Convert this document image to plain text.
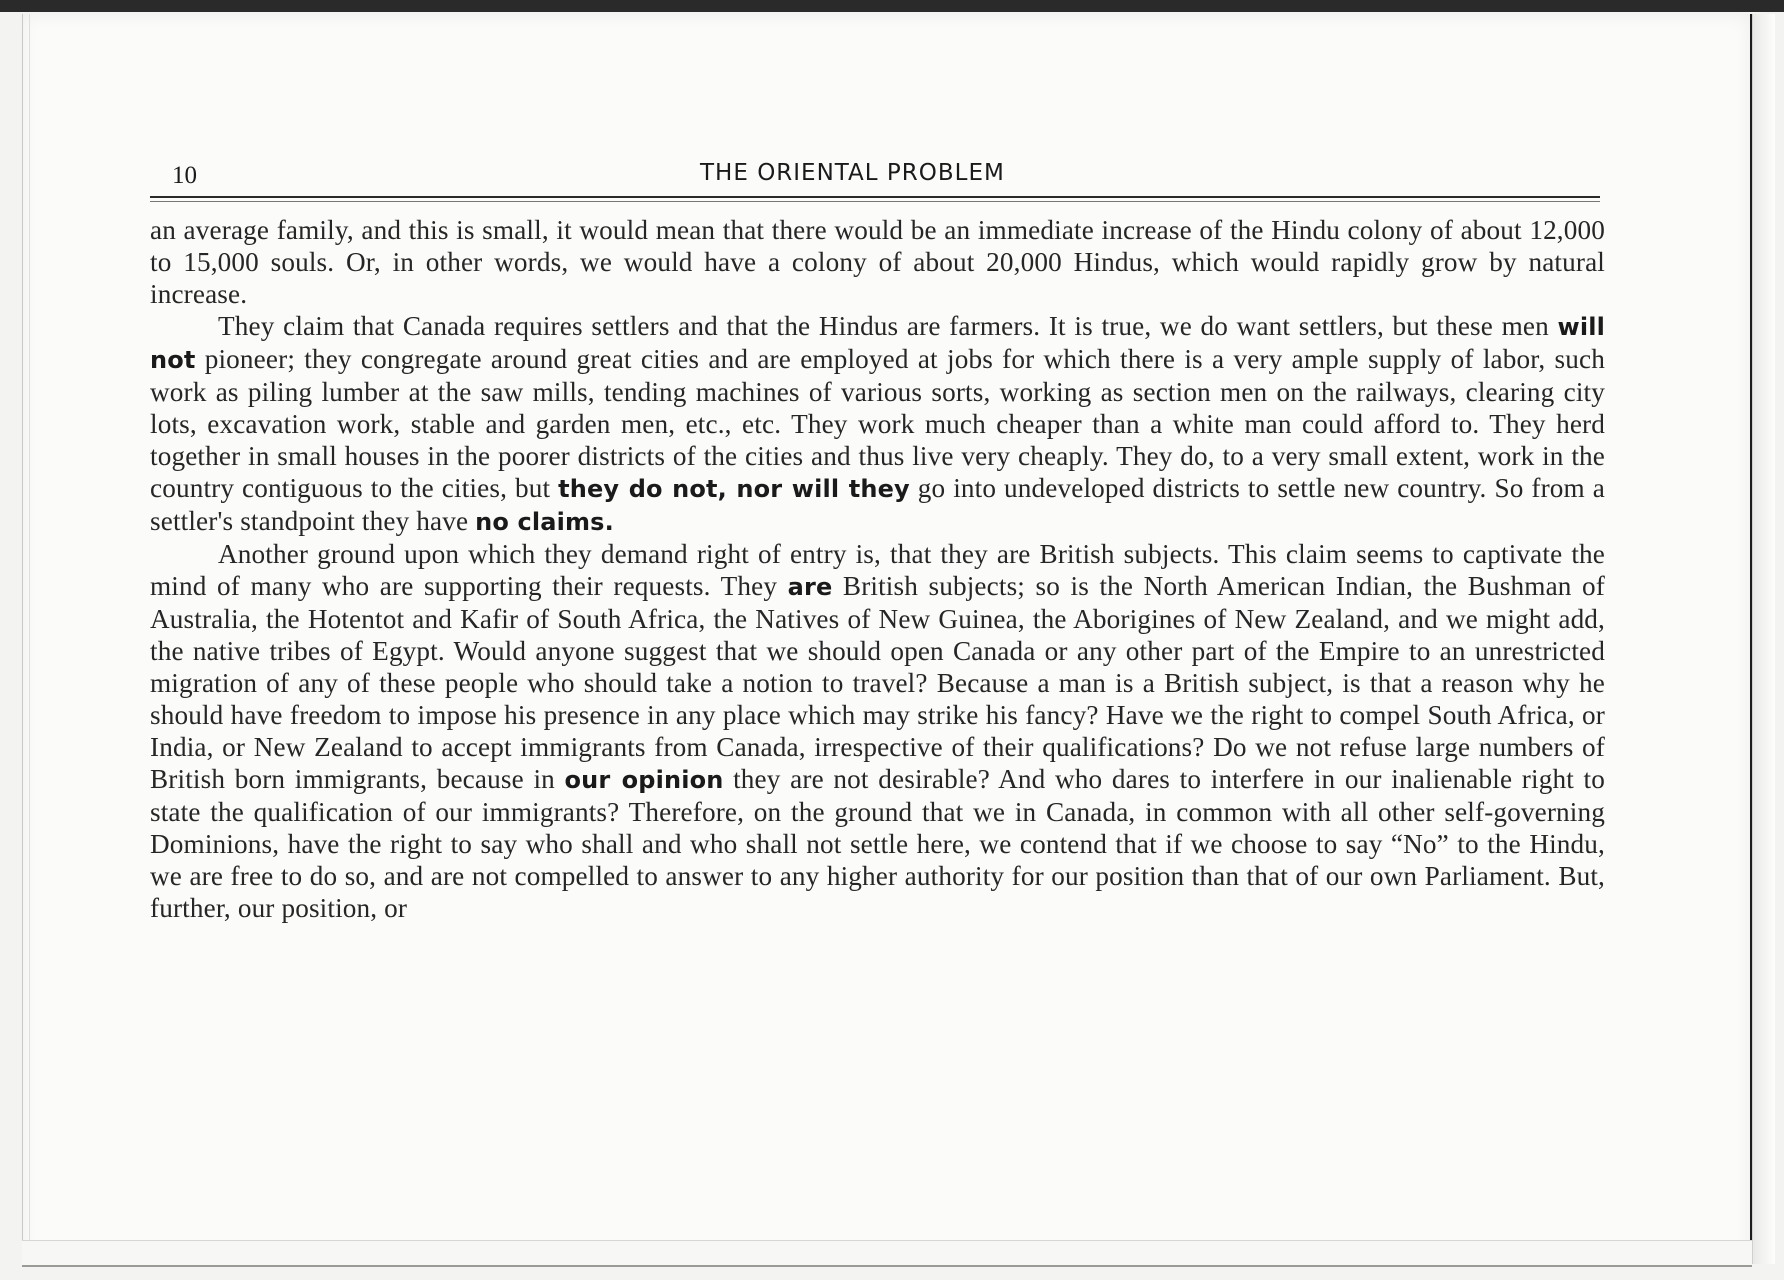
10	THE ORIENTAL PROBLEM

an average family, and this is small, it would mean that there would be an immediate increase of the Hindu colony of about 12,000 to 15,000 souls. Or, in other words, we would have a colony of about 20,000 Hindus, which would rapidly grow by natural increase.

They claim that Canada requires settlers and that the Hindus are farmers. It is true, we do want settlers, but these men will not pioneer; they congregate around great cities and are employed at jobs for which there is a very ample supply of labor, such work as piling lumber at the saw mills, tending machines of various sorts, working as section men on the railways, clearing city lots, excavation work, stable and garden men, etc., etc. They work much cheaper than a white man could afford to. They herd together in small houses in the poorer districts of the cities and thus live very cheaply. They do, to a very small extent, work in the country contiguous to the cities, but they do not, nor will they go into undeveloped districts to settle new country. So from a settler's standpoint they have no claims.

Another ground upon which they demand right of entry is, that they are British subjects. This claim seems to captivate the mind of many who are supporting their requests. They are British subjects; so is the North American Indian, the Bushman of Australia, the Hotentot and Kafir of South Africa, the Natives of New Guinea, the Aborigines of New Zealand, and we might add, the native tribes of Egypt. Would anyone suggest that we should open Canada or any other part of the Empire to an unrestricted migration of any of these people who should take a notion to travel? Because a man is a British subject, is that a reason why he should have freedom to impose his presence in any place which may strike his fancy? Have we the right to compel South Africa, or India, or New Zealand to accept immigrants from Canada, irrespective of their qualifications? Do we not refuse large numbers of British born immigrants, because in our opinion they are not desirable? And who dares to interfere in our inalienable right to state the qualification of our immigrants? Therefore, on the ground that we in Canada, in common with all other self-governing Dominions, have the right to say who shall and who shall not settle here, we contend that if we choose to say “No” to the Hindu, we are free to do so, and are not compelled to answer to any higher authority for our position than that of our own Parliament. But, further, our position, or
